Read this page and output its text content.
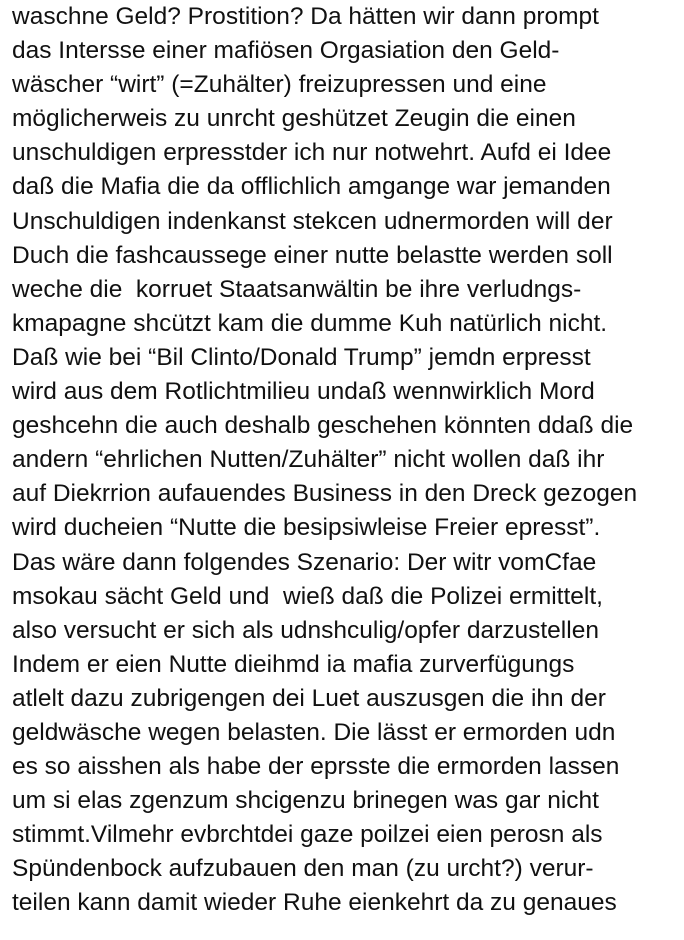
waschne Geld? Prostition? Da hätten wir dann prompt
das Intersse einer mafiösen Orgasiation den Geld-
wäscher “wirt” (=Zuhälter) freizupressen und eine
möglicherweis zu unrcht geshützet Zeugin die einen
unschuldigen erpresstder ich nur notwehrt. Aufd ei Idee
daß die Mafia die da offlichlich amgange war jemanden
Unschuldigen indenkanst stekcen udnermorden will der
Duch die fashcaussege einer nutte belastte werden soll
weche die  korruet Staatsanwältin be ihre verludngs-
kmapagne shcützt kam die dumme Kuh natürlich nicht.
Daß wie bei “Bil Clinto/Donald Trump” jemdn erpresst
wird aus dem Rotlichtmilieu undaß wennwirklich Mord
geshcehn die auch deshalb geschehen könnten ddaß die
andern “ehrlichen Nutten/Zuhälter” nicht wollen daß ihr
auf Diekrrion aufauendes Business in den Dreck gezogen
wird ducheien “Nutte die besipsiwleise Freier epresst”.
Das wäre dann folgendes Szenario: Der witr vomCfae
msokau sächt Geld und  wieß daß die Polizei ermittelt,
also versucht er sich als udnshculig/opfer darzustellen
Indem er eien Nutte dieihmd ia mafia zurverfügungs
atlelt dazu zubrigengen dei Luet auszusgen die ihn der
geldwäsche wegen belasten. Die lässt er ermorden udn
es so aisshen als habe der eprsste die ermorden lassen
um si elas zgenzum shcigenzu brinegen was gar nicht
stimmt.Vilmehr evbrchtdei gaze poilzei eien perosn als
Spündenbock aufzubauen den man (zu urcht?) verur-
teilen kann damit wieder Ruhe eienkehrt da zu genaues
